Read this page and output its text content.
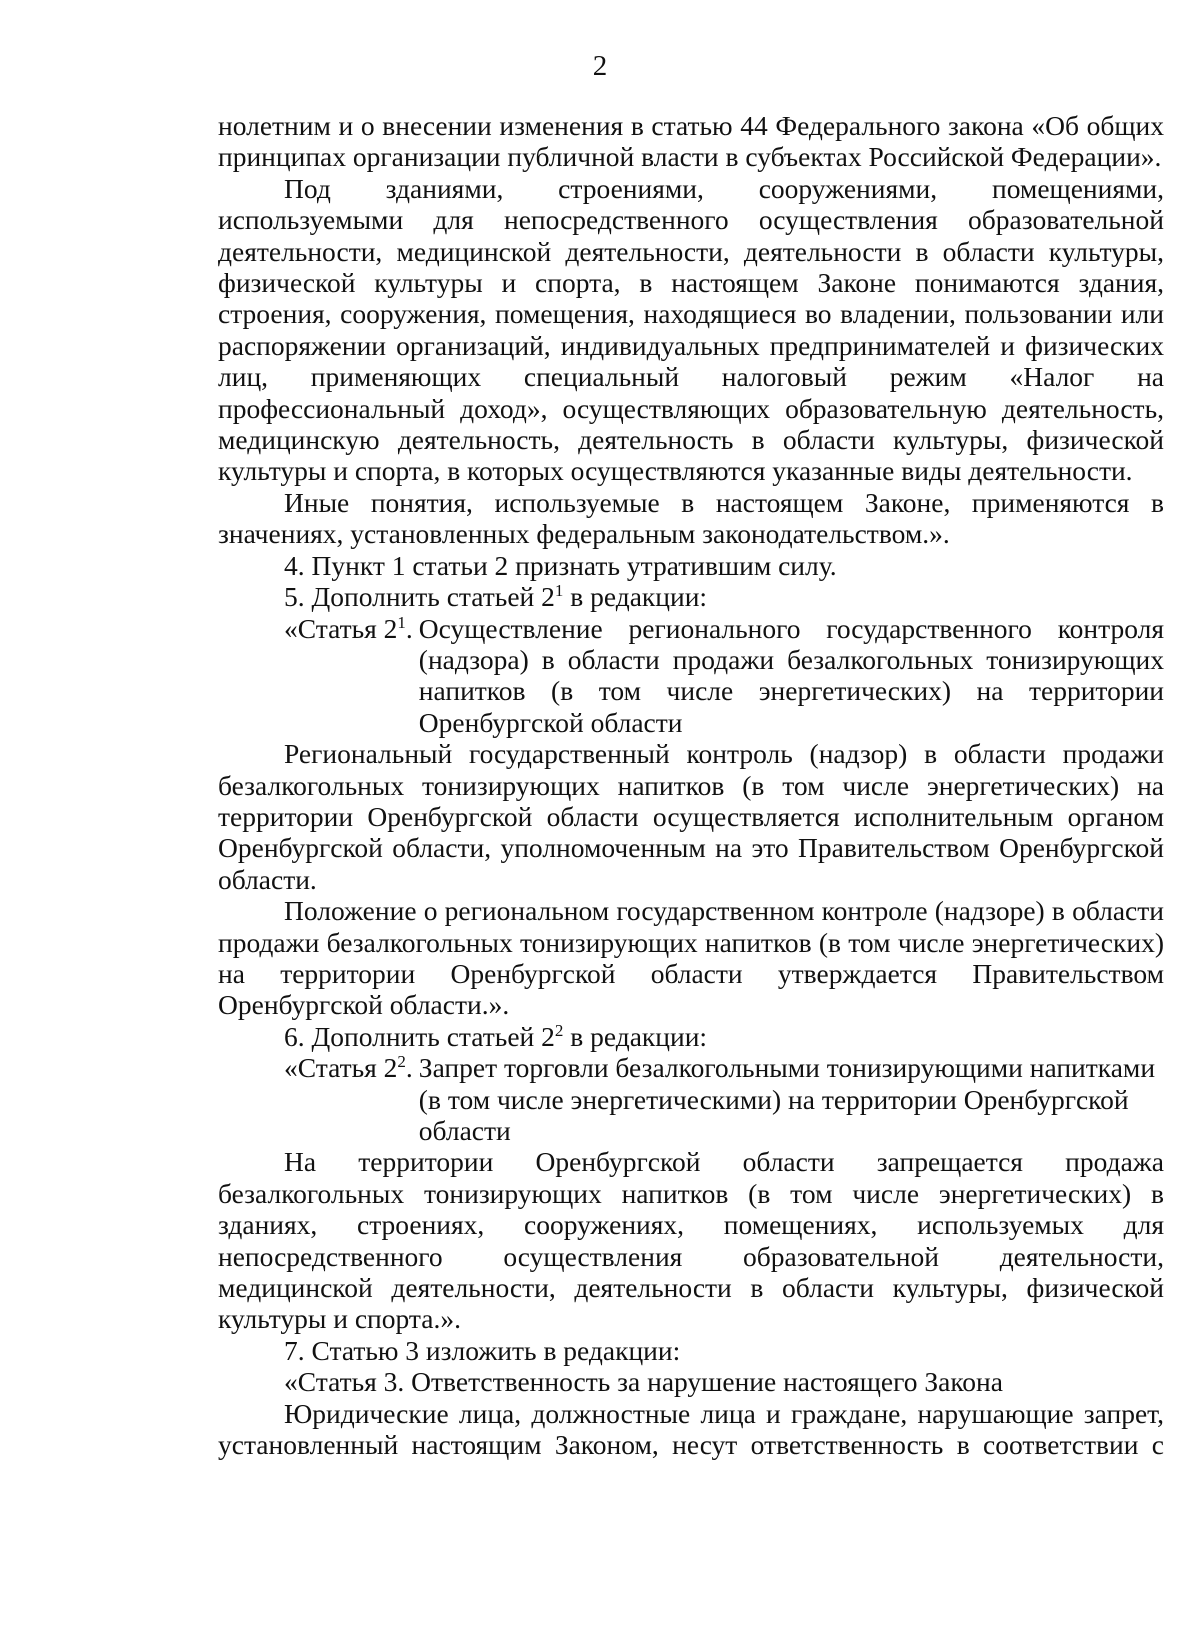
2

нолетним и о внесении изменения в статью 44 Федерального закона «Об общих принципах организации публичной власти в субъектах Российской Федерации».

Под зданиями, строениями, сооружениями, помещениями, используемыми для непосредственного осуществления образовательной деятельности, медицинской деятельности, деятельности в области культуры, физической культуры и спорта, в настоящем Законе понимаются здания, строения, сооружения, помещения, находящиеся во владении, пользовании или распоряжении организаций, индивидуальных предпринимателей и физических лиц, применяющих специальный налоговый режим «Налог на профессиональный доход», осуществляющих образовательную деятельность, медицинскую деятельность, деятельность в области культуры, физической культуры и спорта, в которых осуществляются указанные виды деятельности.

Иные понятия, используемые в настоящем Законе, применяются в значениях, установленных федеральным законодательством.».

4. Пункт 1 статьи 2 признать утратившим силу.

5. Дополнить статьей $2^1$ в редакции:

«Статья $2^1$. Осуществление регионального государственного контроля (надзора) в области продажи безалкогольных тонизирующих напитков (в том числе энергетических) на территории Оренбургской области

Региональный государственный контроль (надзор) в области продажи безалкогольных тонизирующих напитков (в том числе энергетических) на территории Оренбургской области осуществляется исполнительным органом Оренбургской области, уполномоченным на это Правительством Оренбургской области.

Положение о региональном государственном контроле (надзоре) в области продажи безалкогольных тонизирующих напитков (в том числе энергетических) на территории Оренбургской области утверждается Правительством Оренбургской области.».

6. Дополнить статьей $2^2$ в редакции:

«Статья $2^2$. Запрет торговли безалкогольными тонизирующими напитками (в том числе энергетическими) на территории Оренбургской области

На территории Оренбургской области запрещается продажа безалкогольных тонизирующих напитков (в том числе энергетических) в зданиях, строениях, сооружениях, помещениях, используемых для непосредственного осуществления образовательной деятельности, медицинской деятельности, деятельности в области культуры, физической культуры и спорта.».

7. Статью 3 изложить в редакции:

«Статья 3. Ответственность за нарушение настоящего Закона

Юридические лица, должностные лица и граждане, нарушающие запрет, установленный настоящим Законом, несут ответственность в соответствии с
